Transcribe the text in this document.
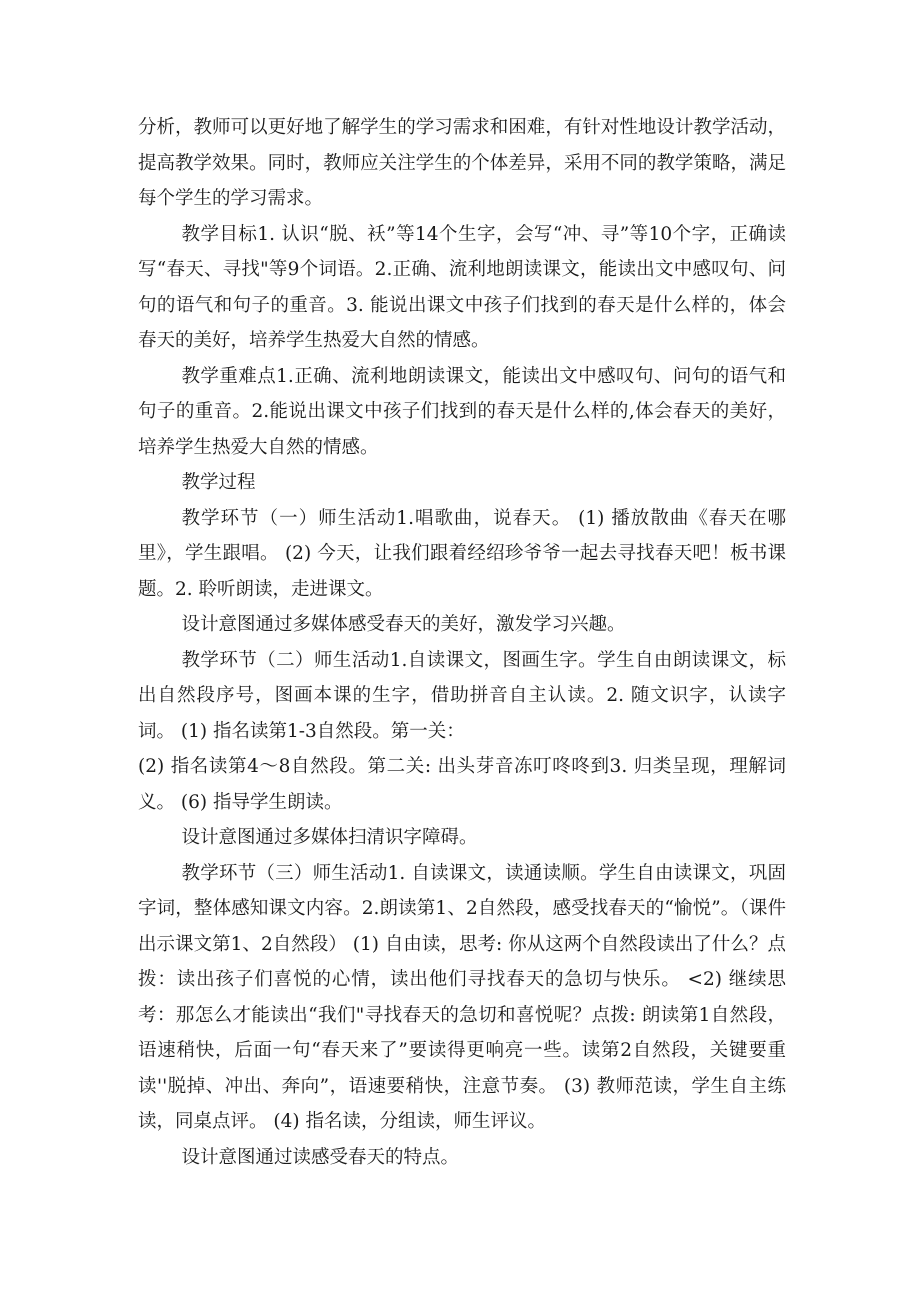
分析，教师可以更好地了解学生的学习需求和困难，有针对性地设计教学活动，提高教学效果。同时，教师应关注学生的个体差异，采用不同的教学策略，满足每个学生的学习需求。

教学目标1. 认识“脱、袄”等14个生字，会写“冲、寻”等10个字，正确读写“春天、寻找"等9个词语。2.正确、流利地朗读课文，能读出文中感叹句、问句的语气和句子的重音。3. 能说出课文中孩子们找到的春天是什么样的，体会春天的美好，培养学生热爱大自然的情感。

教学重难点1.正确、流利地朗读课文，能读出文中感叹句、问句的语气和句子的重音。2.能说出课文中孩子们找到的春天是什么样的,体会春天的美好，培养学生热爱大自然的情感。

教学过程

教学环节（一）师生活动1.唱歌曲，说春天。 (1) 播放散曲《春天在哪里》，学生跟唱。 (2) 今天，让我们跟着经绍珍爷爷一起去寻找春天吧！板书课题。2. 聆听朗读，走进课文。

设计意图通过多媒体感受春天的美好，激发学习兴趣。

教学环节（二）师生活动1.自读课文，图画生字。学生自由朗读课文，标出自然段序号，图画本课的生字，借助拼音自主认读。2. 随文识字，认读字词。 (1) 指名读第1-3自然段。第一关：

(2) 指名读第4〜8自然段。第二关: 出头芽音冻叮咚咚到3. 归类呈现，理解词义。 (6) 指导学生朗读。

设计意图通过多媒体扫清识字障碍。

教学环节（三）师生活动1. 自读课文，读通读顺。学生自由读课文，巩固字词，整体感知课文内容。2.朗读第1、2自然段，感受找春天的“愉悦”。（课件出示课文第1、2自然段） (1) 自由读，思考: 你从这两个自然段读出了什么？点拨：读出孩子们喜悦的心情，读出他们寻找春天的急切与快乐。 <2) 继续思考：那怎么才能读出“我们"寻找春天的急切和喜悦呢？点拨: 朗读第1自然段，语速稍快，后面一句“春天来了”要读得更响亮一些。读第2自然段，关键要重读''脱掉、冲出、奔向”，语速要稍快，注意节奏。 (3) 教师范读，学生自主练读，同桌点评。 (4) 指名读，分组读，师生评议。

设计意图通过读感受春天的特点。
